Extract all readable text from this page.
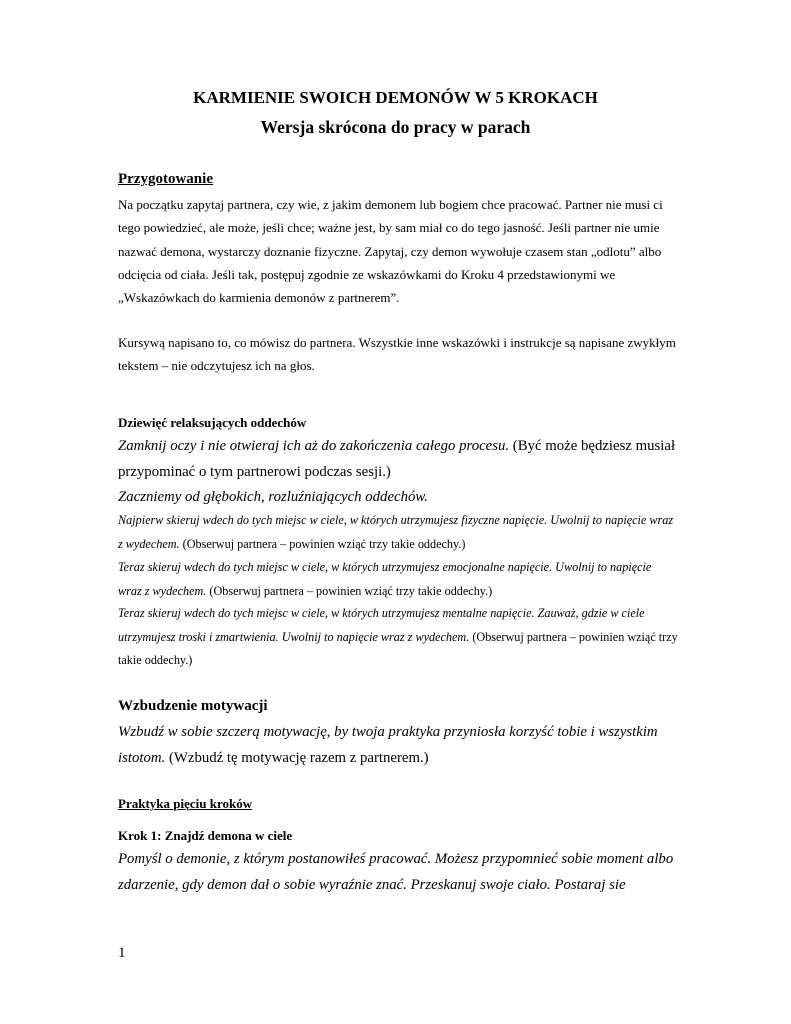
KARMIENIE SWOICH DEMONÓW W 5 KROKACH
Wersja skrócona do pracy w parach
Przygotowanie

Na początku zapytaj partnera, czy wie, z jakim demonem lub bogiem chce pracować. Partner nie musi ci tego powiedzieć, ale może, jeśli chce; ważne jest, by sam miał co do tego jasność. Jeśli partner nie umie nazwać demona, wystarczy doznanie fizyczne. Zapytaj, czy demon wywołuje czasem stan „odlotu” albo odcięcia od ciała. Jeśli tak, postępuj zgodnie ze wskazówkami do Kroku 4 przedstawionymi we „Wskazówkach do karmienia demonów z partnerem”.

Kursywą napisano to, co mówisz do partnera. Wszystkie inne wskazówki i instrukcje są napisane zwykłym tekstem – nie odczytujesz ich na głos.

Dziewięć relaksujących oddechów

Zamknij oczy i nie otwieraj ich aż do zakończenia całego procesu. (Być może będziesz musiał przypominać o tym partnerowi podczas sesji.)

Zaczniemy od głębokich, rozluźniających oddechów.

Najpierw skieruj wdech do tych miejsc w ciele, w których utrzymujesz fizyczne napięcie. Uwolnij to napięcie wraz z wydechem. (Obserwuj partnera – powinien wziąć trzy takie oddechy.)

Teraz skieruj wdech do tych miejsc w ciele, w których utrzymujesz emocjonalne napięcie. Uwolnij to napięcie wraz z wydechem. (Obserwuj partnera – powinien wziąć trzy takie oddechy.)

Teraz skieruj wdech do tych miejsc w ciele, w których utrzymujesz mentalne napięcie. Zauważ, gdzie w ciele utrzymujesz troski i zmartwienia. Uwolnij to napięcie wraz z wydechem. (Obserwuj partnera – powinien wziąć trzy takie oddechy.)

Wzbudzenie motywacji

Wzbudź w sobie szczerą motywację, by twoja praktyka przyniosła korzyść tobie i wszystkim istotom. (Wzbudź tę motywację razem z partnerem.)

Praktyka pięciu kroków
Krok 1: Znajdź demona w ciele

Pomyśl o demonie, z którym postanowiłeś pracować. Możesz przypomnieć sobie moment albo zdarzenie, gdy demon dał o sobie wyraźnie znać. Przeskanuj swoje ciało. Postaraj sie

1
